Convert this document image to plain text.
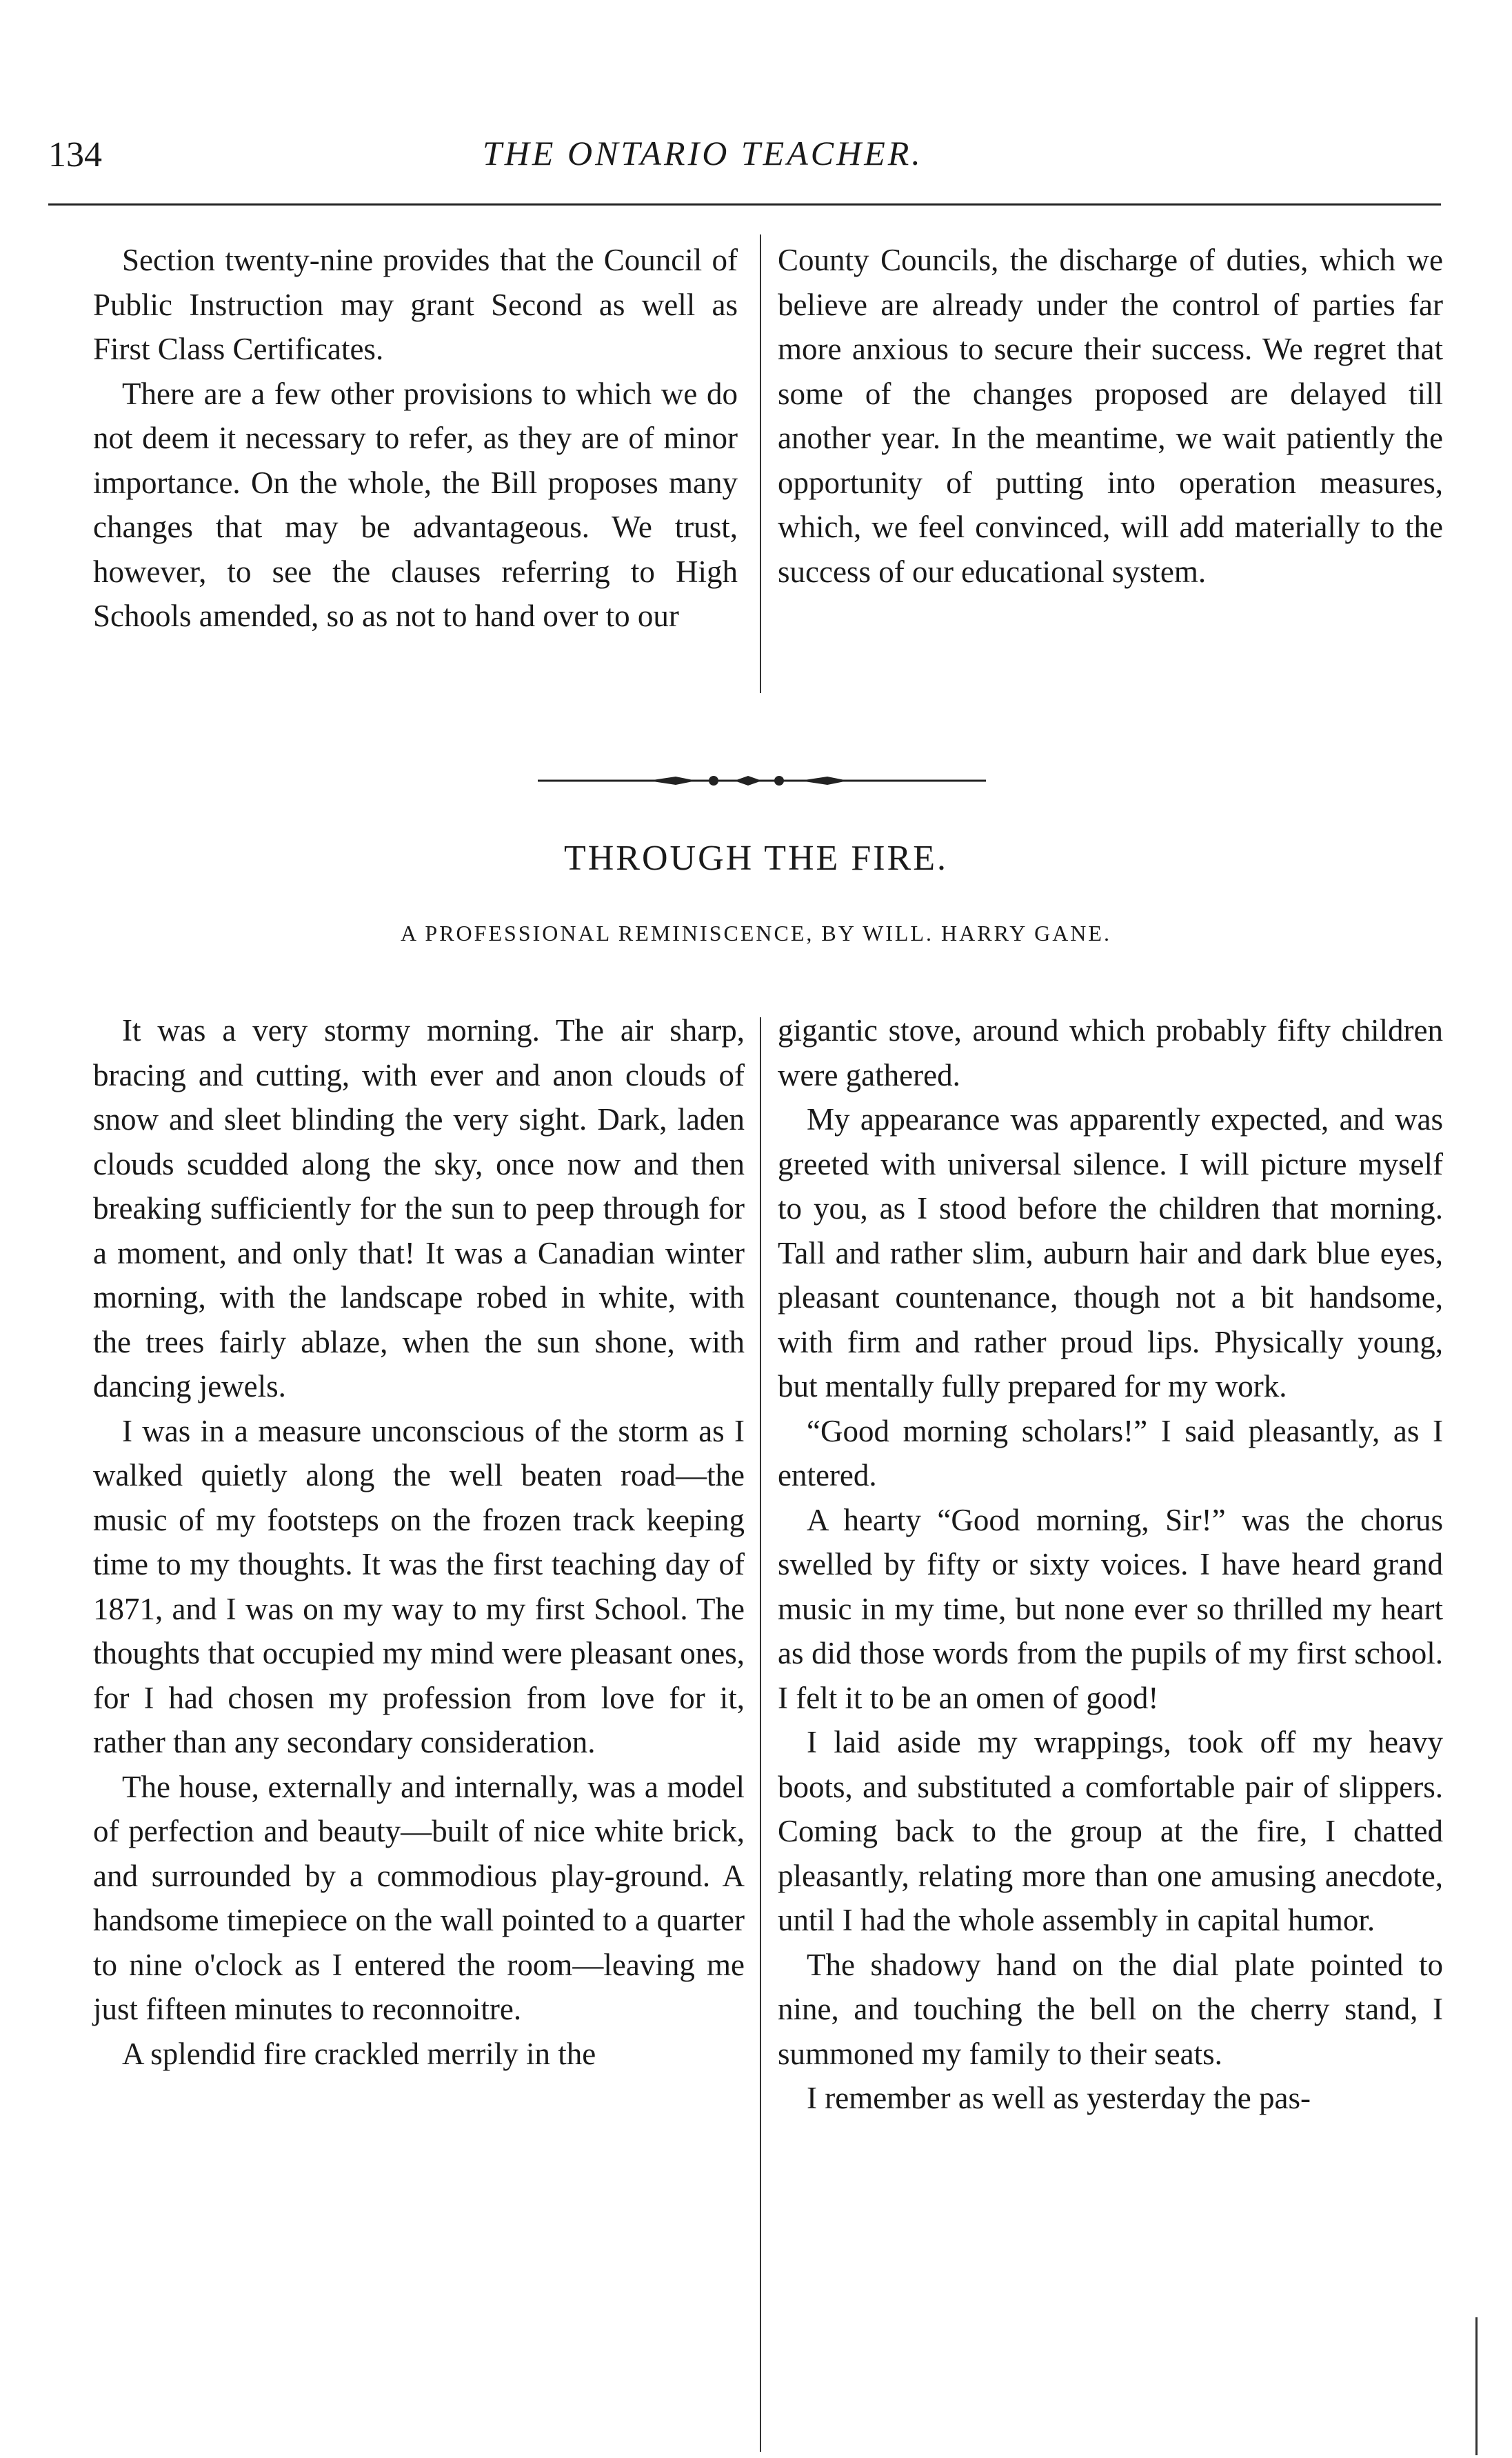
134	THE ONTARIO TEACHER.

Section twenty-nine provides that the Council of Public Instruction may grant Second as well as First Class Certificates.

There are a few other provisions to which we do not deem it necessary to refer, as they are of minor importance. On the whole, the Bill proposes many changes that may be advantageous. We trust, however, to see the clauses referring to High Schools amended, so as not to hand over to our

County Councils, the discharge of duties, which we believe are already under the control of parties far more anxious to secure their success. We regret that some of the changes proposed are delayed till another year. In the meantime, we wait patiently the opportunity of putting into operation measures, which, we feel convinced, will add materially to the success of our educational system.

THROUGH THE FIRE.
A PROFESSIONAL REMINISCENCE, BY WILL. HARRY GANE.

It was a very stormy morning. The air sharp, bracing and cutting, with ever and anon clouds of snow and sleet blinding the very sight. Dark, laden clouds scudded along the sky, once now and then breaking sufficiently for the sun to peep through for a moment, and only that! It was a Canadian winter morning, with the landscape robed in white, with the trees fairly ablaze, when the sun shone, with dancing jewels.

I was in a measure unconscious of the storm as I walked quietly along the well beaten road—the music of my footsteps on the frozen track keeping time to my thoughts. It was the first teaching day of 1871, and I was on my way to my first School. The thoughts that occupied my mind were pleasant ones, for I had chosen my profession from love for it, rather than any secondary consideration.

The house, externally and internally, was a model of perfection and beauty—built of nice white brick, and surrounded by a commodious play-ground. A handsome timepiece on the wall pointed to a quarter to nine o'clock as I entered the room—leaving me just fifteen minutes to reconnoitre.

A splendid fire crackled merrily in the

gigantic stove, around which probably fifty children were gathered.

My appearance was apparently expected, and was greeted with universal silence. I will picture myself to you, as I stood before the children that morning. Tall and rather slim, auburn hair and dark blue eyes, pleasant countenance, though not a bit handsome, with firm and rather proud lips. Physically young, but mentally fully prepared for my work.

“Good morning scholars!” I said pleasantly, as I entered.

A hearty “Good morning, Sir!” was the chorus swelled by fifty or sixty voices. I have heard grand music in my time, but none ever so thrilled my heart as did those words from the pupils of my first school. I felt it to be an omen of good!

I laid aside my wrappings, took off my heavy boots, and substituted a comfortable pair of slippers. Coming back to the group at the fire, I chatted pleasantly, relating more than one amusing anecdote, until I had the whole assembly in capital humor.

The shadowy hand on the dial plate pointed to nine, and touching the bell on the cherry stand, I summoned my family to their seats.

I remember as well as yesterday the pas-
